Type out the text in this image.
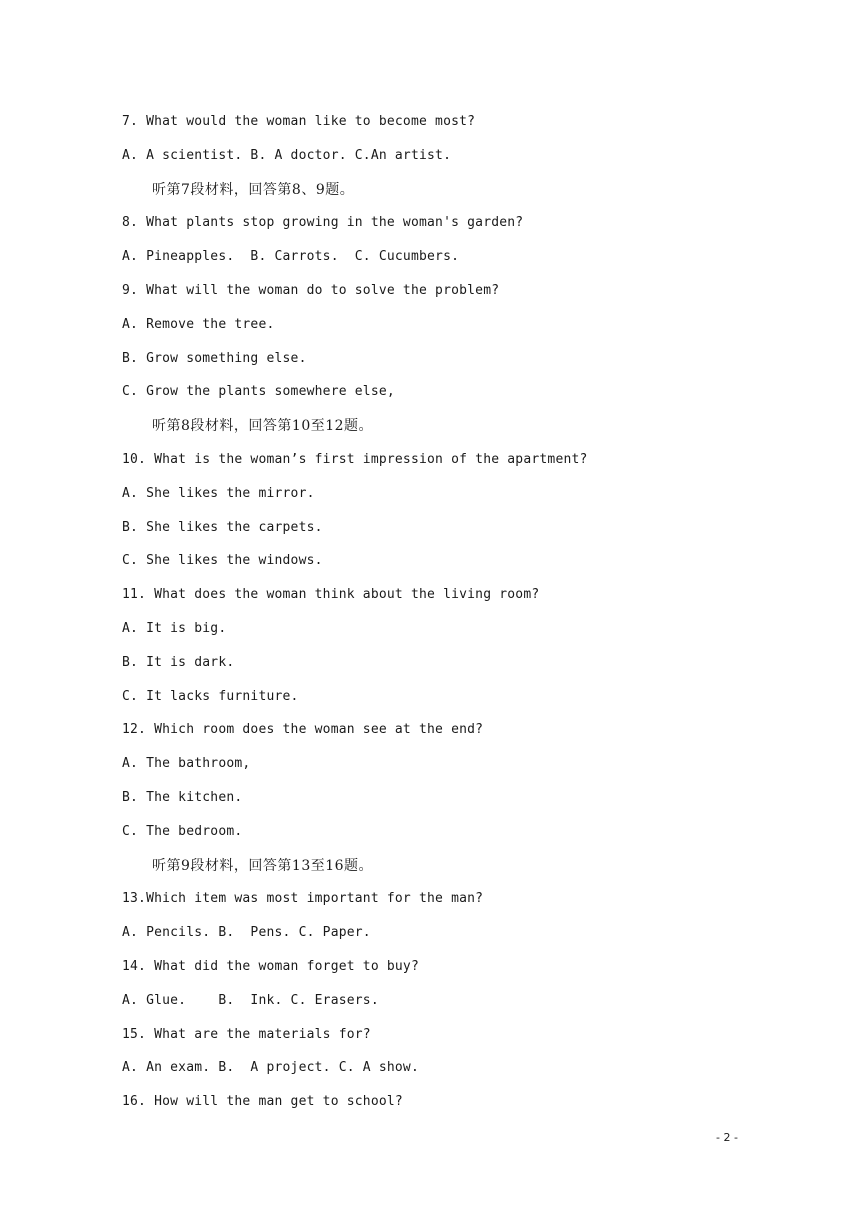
7. What would the woman like to become most?
A. A scientist. B. A doctor. C.An artist.
听第7段材料，回答第8、9题。
8. What plants stop growing in the woman's garden?
A. Pineapples.  B. Carrots.  C. Cucumbers.
9. What will the woman do to solve the problem?
A. Remove the tree.
B. Grow something else.
C. Grow the plants somewhere else,
听第8段材料，回答第10至12题。
10. What is the woman’s first impression of the apartment?
A. She likes the mirror.
B. She likes the carpets.
C. She likes the windows.
11. What does the woman think about the living room?
A. It is big.
B. It is dark.
C. It lacks furniture.
12. Which room does the woman see at the end?
A. The bathroom,
B. The kitchen.
C. The bedroom.
听第9段材料，回答第13至16题。
13.Which item was most important for the man?
A. Pencils. B.  Pens. C. Paper.
14. What did the woman forget to buy?
A. Glue.    B.  Ink. C. Erasers.
15. What are the materials for?
A. An exam. B.  A project. C. A show.
16. How will the man get to school?
- 2 -
